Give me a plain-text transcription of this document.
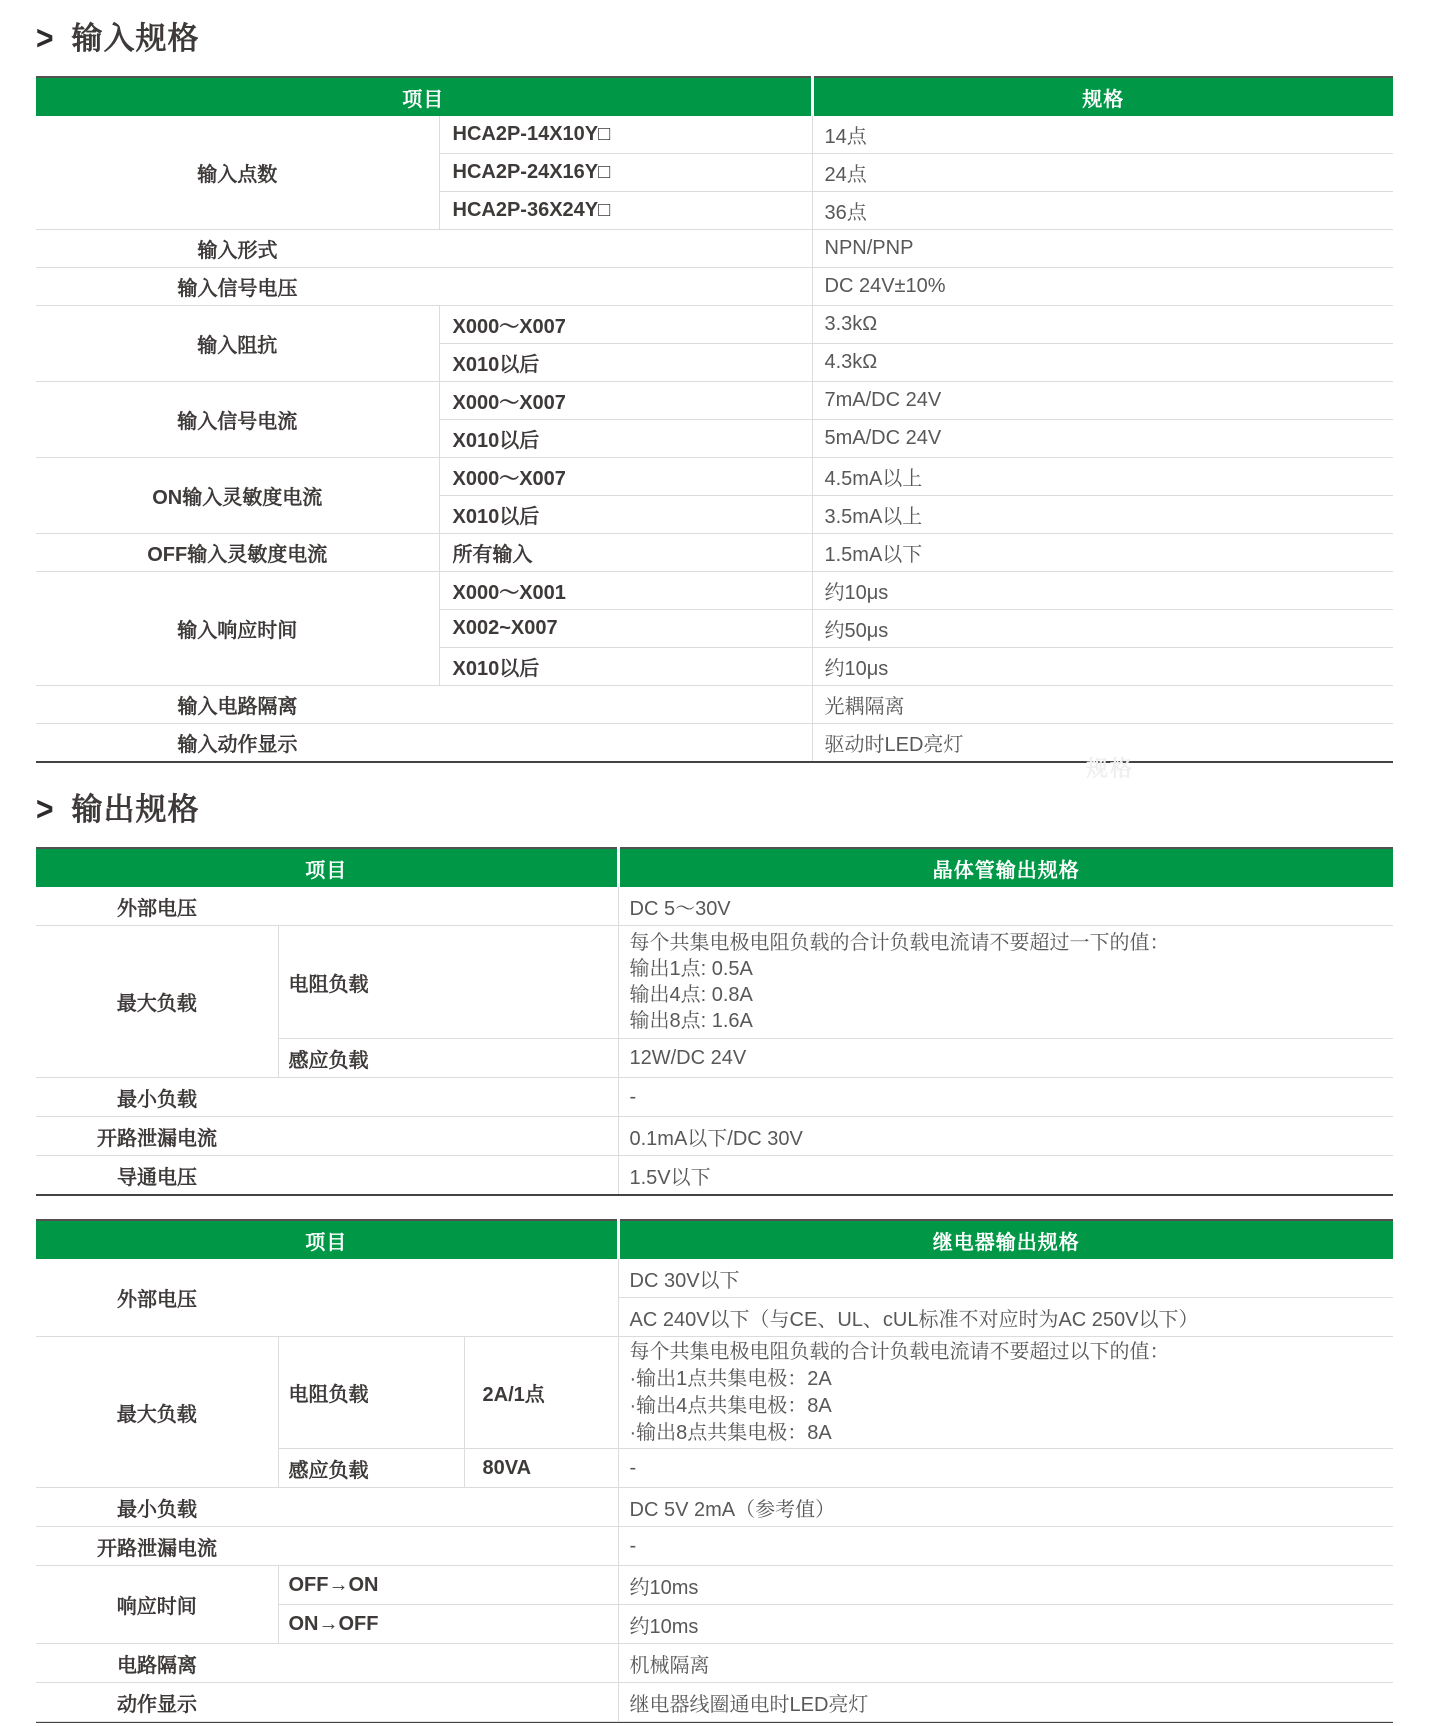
> 输入规格
项目		规格
输入点数	HCA2P-14X10Y□	14点
	HCA2P-24X16Y□	24点
	HCA2P-36X24Y□	36点
输入形式		NPN/PNP
输入信号电压		DC 24V±10%
输入阻抗	X000〜X007	3.3kΩ
	X010以后	4.3kΩ
输入信号电流	X000〜X007	7mA/DC 24V
	X010以后	5mA/DC 24V
ON输入灵敏度电流	X000〜X007	4.5mA以上
	X010以后	3.5mA以上
OFF输入灵敏度电流	所有输入	1.5mA以下
输入响应时间	X000〜X001	约10μs
	X002~X007	约50μs
	X010以后	约10μs
输入电路隔离		光耦隔离
输入动作显示		驱动时LED亮灯
规格
> 输出规格
项目		晶体管输出规格
外部电压		DC 5〜30V
最大负载	电阻负载	每个共集电极电阻负载的合计负载电流请不要超过一下的值：
输出1点: 0.5A
输出4点: 0.8A
输出8点: 1.6A

	感应负载	12W/DC 24V
最小负载		-
开路泄漏电流		0.1mA以下/DC 30V
导通电压		1.5V以下
项目			继电器输出规格
外部电压			DC 30V以下
			AC 240V以下（与CE、UL、cUL标准不对应时为AC 250V以下）
最大负载	电阻负载	2A/1点	每个共集电极电阻负载的合计负载电流请不要超过以下的值：
·输出1点共集电极：2A
·输出4点共集电极：8A
·输出8点共集电极：8A

	感应负载	80VA	-
最小负载			DC 5V 2mA（参考值）
开路泄漏电流			-
响应时间	OFF→ON		约10ms
	ON→OFF		约10ms
电路隔离			机械隔离
动作显示			继电器线圈通电时LED亮灯
